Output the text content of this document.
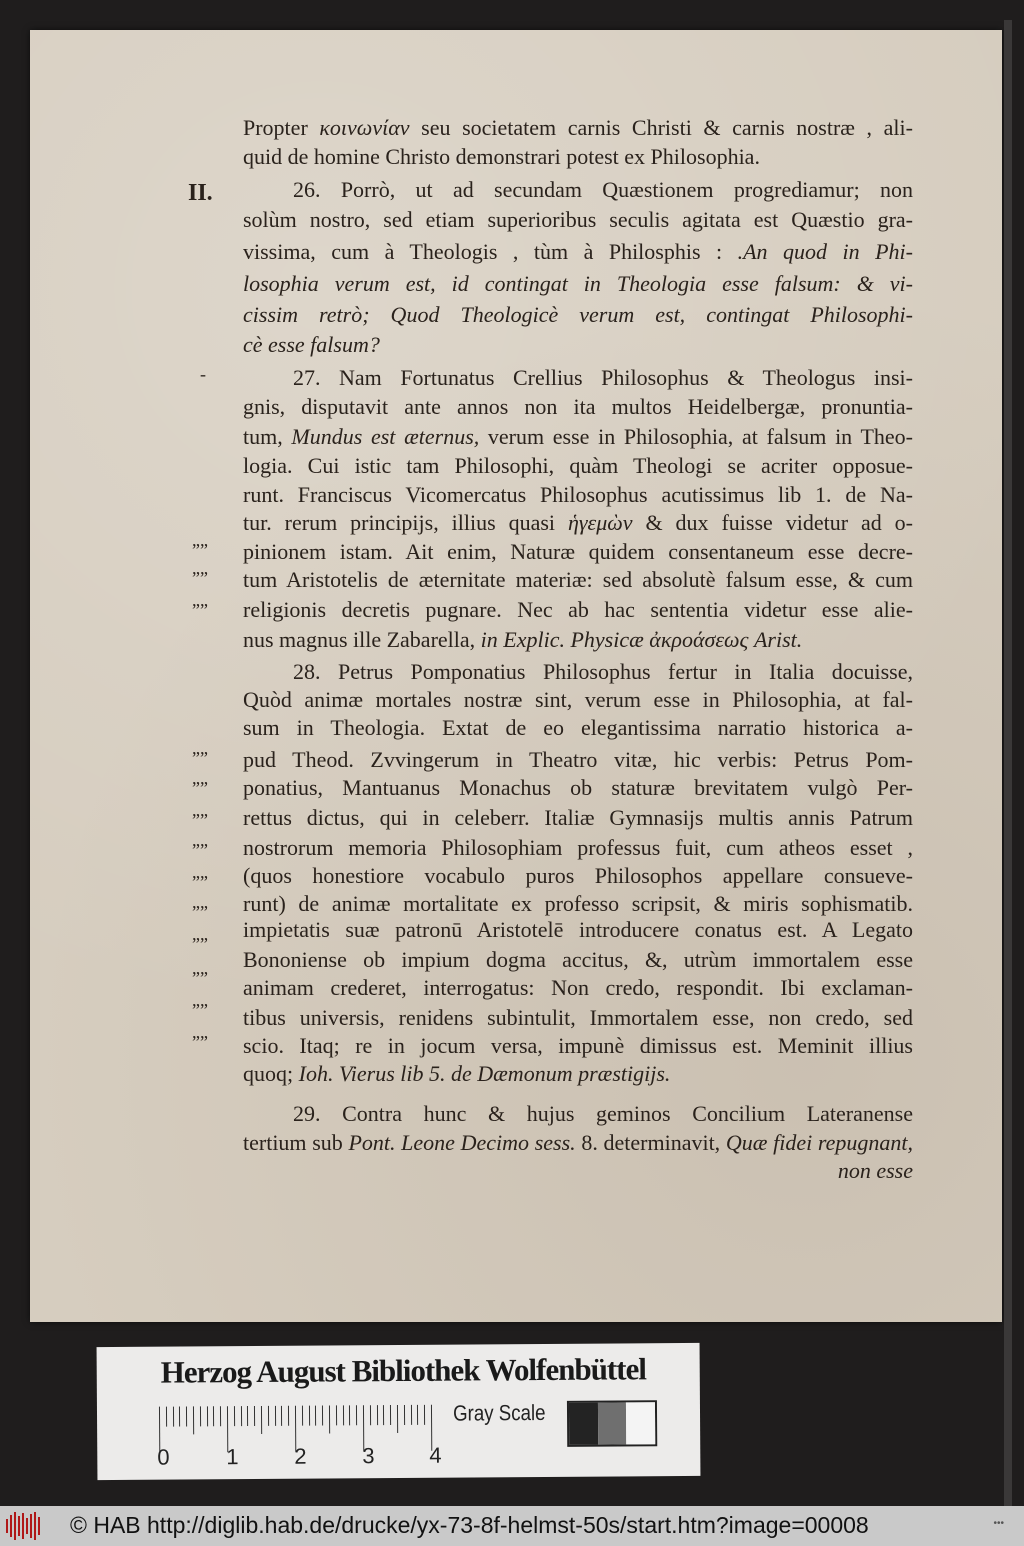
Propter κοινωνίαν seu societatem carnis Christi & carnis nostræ , ali-
quid de homine Christo demonstrari potest ex Philosophia.
26. Porrò, ut ad secundam Quæstionem progrediamur; non
solùm nostro, sed etiam superioribus seculis agitata est Quæstio gra-
vissima, cum à Theologis , tùm à Philosphis : .An quod in Phi-
losophia verum est, id contingat in Theologia esse falsum: & vi-
cissim retrò; Quod Theologicè verum est, contingat Philosophi-
cè esse falsum?
27. Nam Fortunatus Crellius Philosophus & Theologus insi-
gnis, disputavit ante annos non ita multos Heidelbergæ, pronuntia-
tum, Mundus est æternus, verum esse in Philosophia, at falsum in Theo-
logia. Cui istic tam Philosophi, quàm Theologi se acriter opposue-
runt. Franciscus Vicomercatus Philosophus acutissimus lib 1. de Na-
tur. rerum principijs, illius quasi ἡγεμὼν & dux fuisse videtur ad o-
pinionem istam. Ait enim, Naturæ quidem consentaneum esse decre-
tum Aristotelis de æternitate materiæ: sed absolutè falsum esse, & cum
religionis decretis pugnare. Nec ab hac sententia videtur esse alie-
nus magnus ille Zabarella, in Explic. Physicæ ἀκροάσεως Arist.
28. Petrus Pomponatius Philosophus fertur in Italia docuisse,
Quòd animæ mortales nostræ sint, verum esse in Philosophia, at fal-
sum in Theologia. Extat de eo elegantissima narratio historica a-
pud Theod. Zvvingerum in Theatro vitæ, hic verbis: Petrus Pom-
ponatius, Mantuanus Monachus ob staturæ brevitatem vulgò Per-
rettus dictus, qui in celeberr. Italiæ Gymnasijs multis annis Patrum
nostrorum memoria Philosophiam professus fuit, cum atheos esset ,
(quos honestiore vocabulo puros Philosophos appellare consueve-
runt) de animæ mortalitate ex professo scripsit, & miris sophismatib.
impietatis suæ patronū Aristotelē introducere conatus est. A Legato
Bononiense ob impium dogma accitus, &, utrùm immortalem esse
animam crederet, interrogatus: Non credo, respondit. Ibi exclaman-
tibus universis, renidens subintulit, Immortalem esse, non credo, sed
scio. Itaq; re in jocum versa, impunè dimissus est. Meminit illius
quoq; Ioh. Vierus lib 5. de Dæmonum præstigijs.
29. Contra hunc & hujus geminos Concilium Lateranense
tertium sub Pont. Leone Decimo sess. 8. determinavit, Quæ fidei repugnant,
non esse
II.
-
””
””
””
””
””
””
””
””
””
””
””
””
””
Herzog August Bibliothek Wolfenbüttel
0	1	2	3 4
Gray Scale
© HAB http://diglib.hab.de/drucke/yx-73-8f-helmst-50s/start.htm?image=00008	•••
